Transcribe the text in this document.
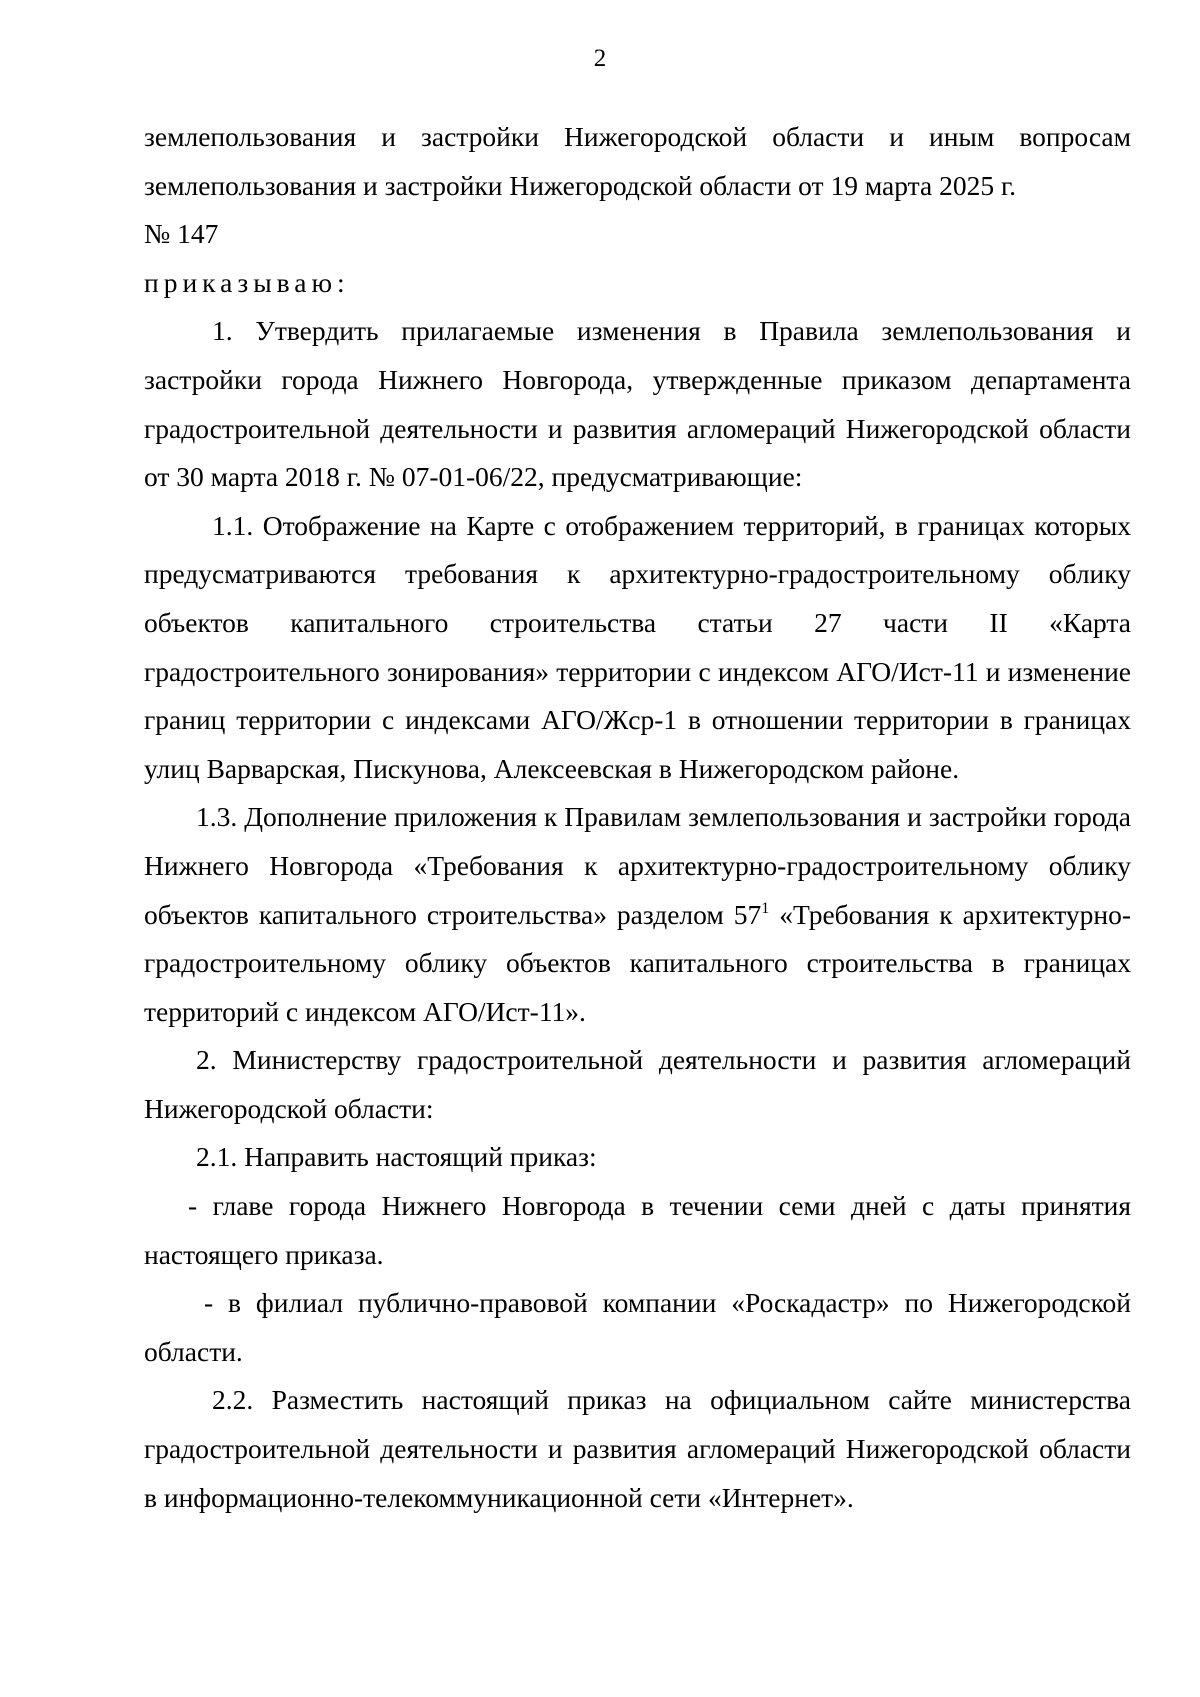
2

землепользования и застройки Нижегородской области и иным вопросам землепользования и застройки Нижегородской области от 19 марта 2025 г.

№ 147

приказываю:

1. Утвердить прилагаемые изменения в Правила землепользования и застройки города Нижнего Новгорода, утвержденные приказом департамента градостроительной деятельности и развития агломераций Нижегородской области от 30 марта 2018 г. № 07-01-06/22, предусматривающие:

1.1. Отображение на Карте с отображением территорий, в границах которых предусматриваются требования к архитектурно-градостроительному облику объектов капитального строительства статьи 27 части II «Карта градостроительного зонирования» территории с индексом АГО/Ист-11 и изменение границ территории с индексами АГО/Жср-1 в отношении территории в границах улиц Варварская, Пискунова, Алексеевская в Нижегородском районе.

1.3. Дополнение приложения к Правилам землепользования и застройки города Нижнего Новгорода «Требования к архитектурно-градостроительному облику объектов капитального строительства» разделом $57^1$ «Требования к архитектурно-градостроительному облику объектов капитального строительства в границах территорий с индексом АГО/Ист-11».

2. Министерству градостроительной деятельности и развития агломераций Нижегородской области:

2.1. Направить настоящий приказ:

- главе города Нижнего Новгорода в течении семи дней с даты принятия настоящего приказа.

- в филиал публично-правовой компании «Роскадастр» по Нижегородской области.

2.2. Разместить настоящий приказ на официальном сайте министерства градостроительной деятельности и развития агломераций Нижегородской области в информационно-телекоммуникационной сети «Интернет».
